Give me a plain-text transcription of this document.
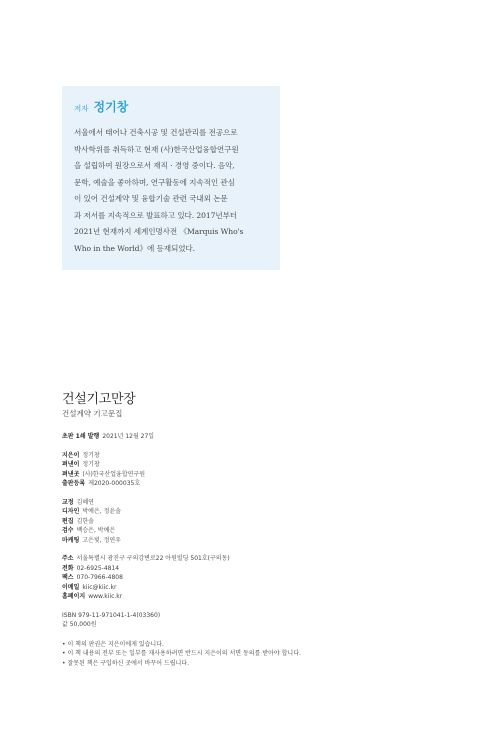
저자 정기창

서울에서 태어나 건축시공 및 건설관리를 전공으로

박사학위를 취득하고 현재 (사)한국산업융합연구원

을 설립하여 원장으로서 재직 · 경영 중이다. 음악,

문학, 예술을 좋아하며, 연구활동에 지속적인 관심

이 있어 건설계약 및 융합기술 관련 국내외 논문

과 저서를 지속적으로 발표하고 있다. 2017년부터

2021년 현재까지 세계인명사전 《Marquis Who's

Who in the World》에 등재되었다.

건설기고만장
건설계약 기고문집
초판 1쇄 발행 2021년 12월 27일
지은이 정기창
펴낸이 정기창
펴낸곳 (사)한국산업융합연구원
출판등록 제2020-000035호
교정 김혜연
디자인 박예은, 정윤솔
편집 김한솔
검수 백승은, 박예은
마케팅 고은빛, 정연우
주소 서울특별시 광진구 구의강변로22 아원빌딩 501호(구의동)
전화 02-6925-4814
팩스 070-7966-4808
이메일 kiic@kiic.kr
홈페이지 www.kiic.kr
ISBN 979-11-971041-1-4(03360)
값 50,000원
• 이 책의 판권은 지은이에게 있습니다.
• 이 책 내용의 전부 또는 일부를 재사용하려면 반드시 지은이의 서면 동의를 받아야 합니다.
• 잘못된 책은 구입하신 곳에서 바꾸어 드립니다.
